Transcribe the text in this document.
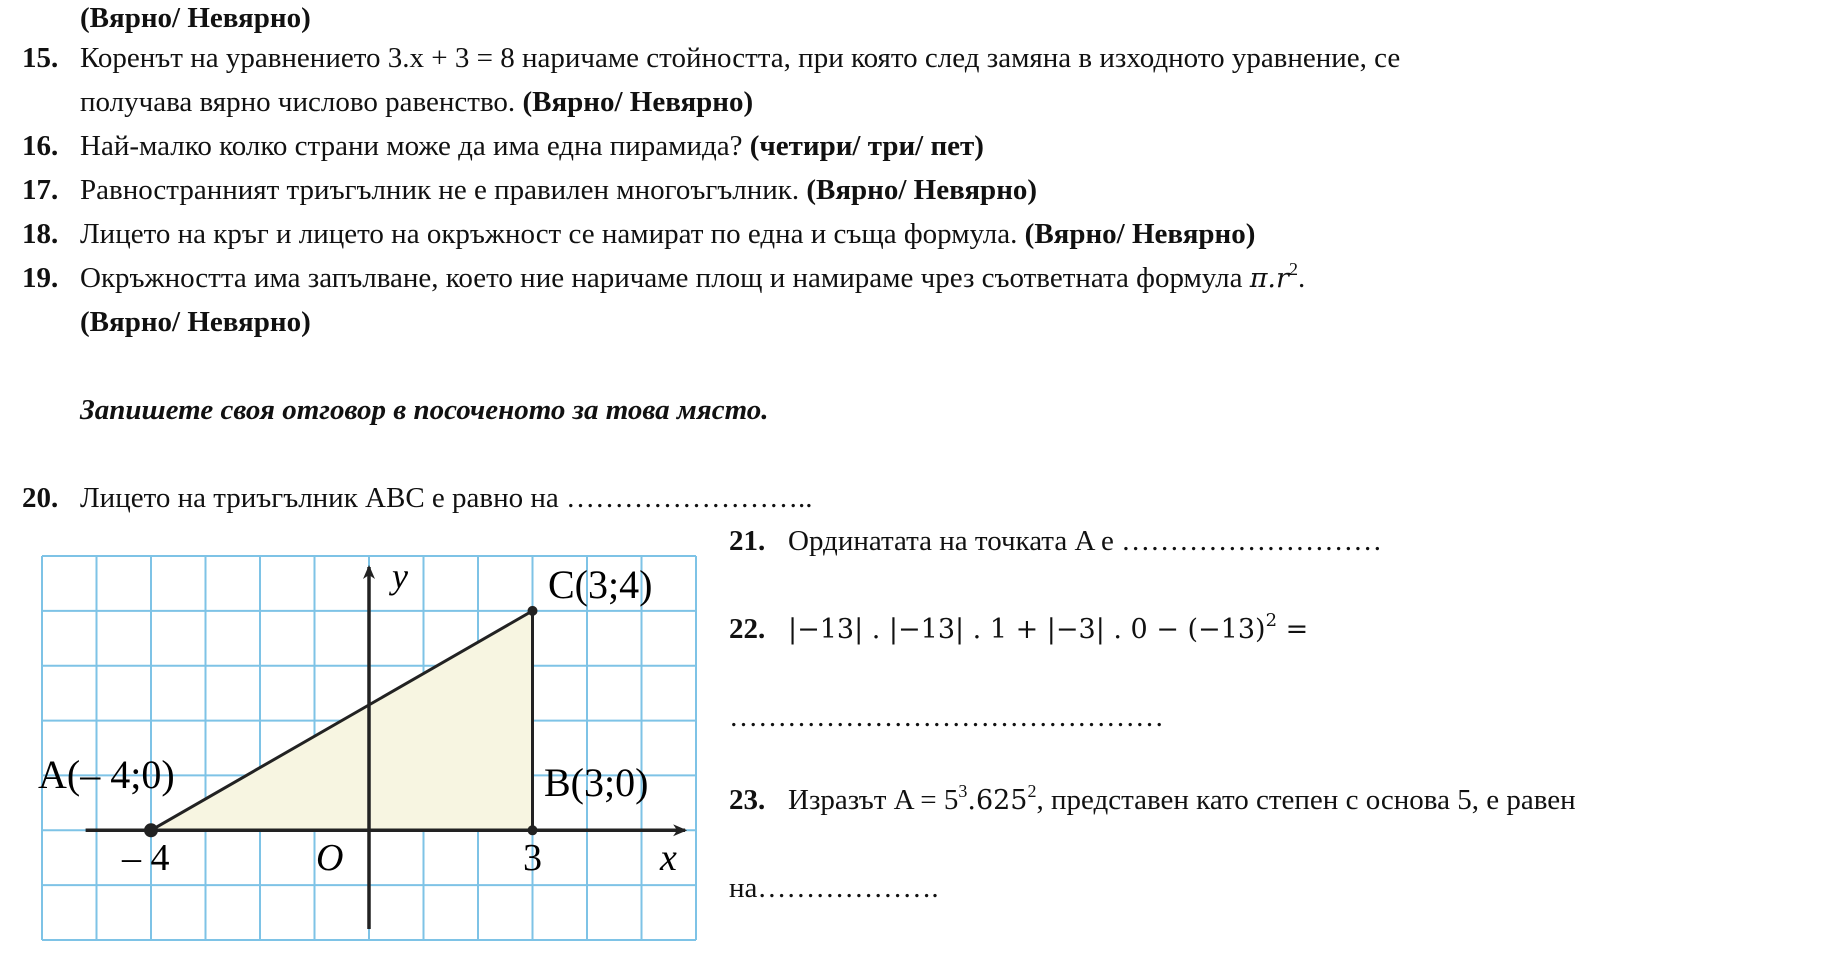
(Вярно/ Невярно)
15. Коренът на уравнението 3.x + 3 = 8 наричаме стойността, при която след замяна в изходното уравнение, се
получава вярно числово равенство. (Вярно/ Невярно)
16. Най-малко колко страни може да има една пирамида? (четири/ три/ пет)
17. Равностранният триъгълник не е правилен многоъгълник. (Вярно/ Невярно)
18. Лицето на кръг и лицето на окръжност се намират по една и съща формула. (Вярно/ Невярно)
19. Окръжността има запълване, което ние наричаме площ и намираме чрез съответната формула $\pi.r^2$.
(Вярно/ Невярно)
Запишете своя отговор в посоченото за това място.
20. Лицето на триъгълник ABC е равно на ……………………..
y
x
O
– 4	3
A(– 4;0)	B(3;0)
C(3;4)
21. Ординатата на точката A е ………………………
22. |−13| . |−13| . 1 + |−3| . $0 - (-13)^2$ =
………………………………………
23. Изразът $A = 5^3.625^2$, представен като степен с основа 5, е равен
на……………….
